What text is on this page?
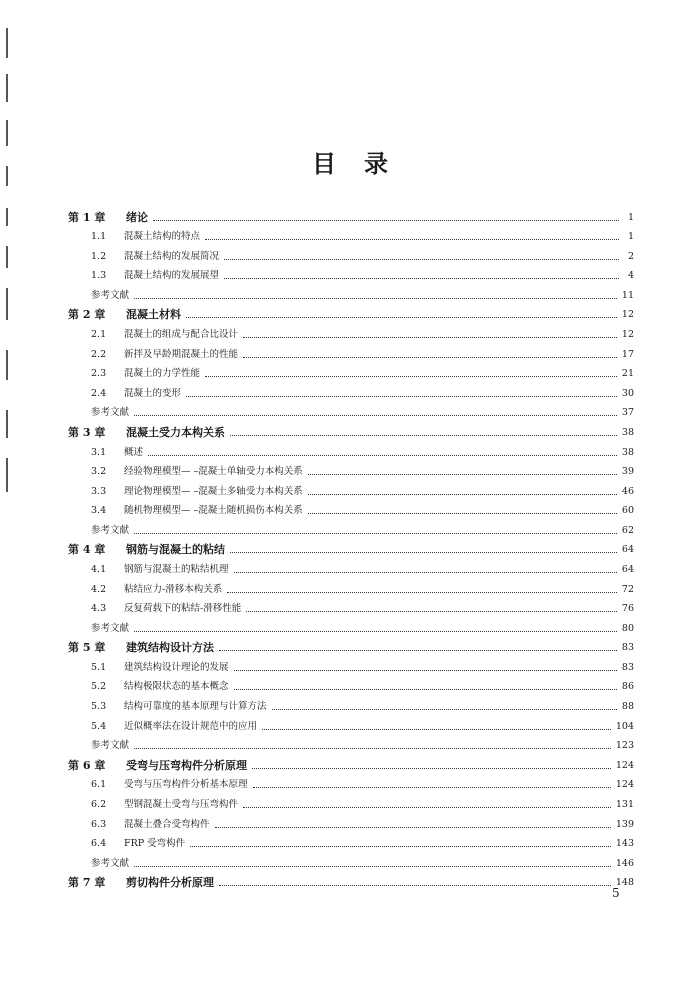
目录
第 1 章	绪论	1
1.1	混凝土结构的特点	1
1.2	混凝土结构的发展简况	2
1.3	混凝土结构的发展展望	4
参考文献	11
第 2 章	混凝土材料	12
2.1	混凝土的组成与配合比设计	12
2.2	新拌及早龄期混凝土的性能	17
2.3	混凝土的力学性能	21
2.4	混凝土的变形	30
参考文献	37
第 3 章	混凝土受力本构关系	38
3.1	概述	38
3.2	经验物理模型— –混凝土单轴受力本构关系	39
3.3	理论物理模型— –混凝土多轴受力本构关系	46
3.4	随机物理模型— –混凝土随机损伤本构关系	60
参考文献	62
第 4 章	钢筋与混凝土的粘结	64
4.1	钢筋与混凝土的粘结机理	64
4.2	粘结应力-滑移本构关系	72
4.3	反复荷载下的粘结-滑移性能	76
参考文献	80
第 5 章	建筑结构设计方法	83
5.1	建筑结构设计理论的发展	83
5.2	结构极限状态的基本概念	86
5.3	结构可靠度的基本原理与计算方法	88
5.4	近似概率法在设计规范中的应用	104
参考文献	123
第 6 章	受弯与压弯构件分析原理	124
6.1	受弯与压弯构件分析基本原理	124
6.2	型钢混凝土受弯与压弯构件	131
6.3	混凝土叠合受弯构件	139
6.4	FRP 受弯构件	143
参考文献	146
第 7 章	剪切构件分析原理	148
5
